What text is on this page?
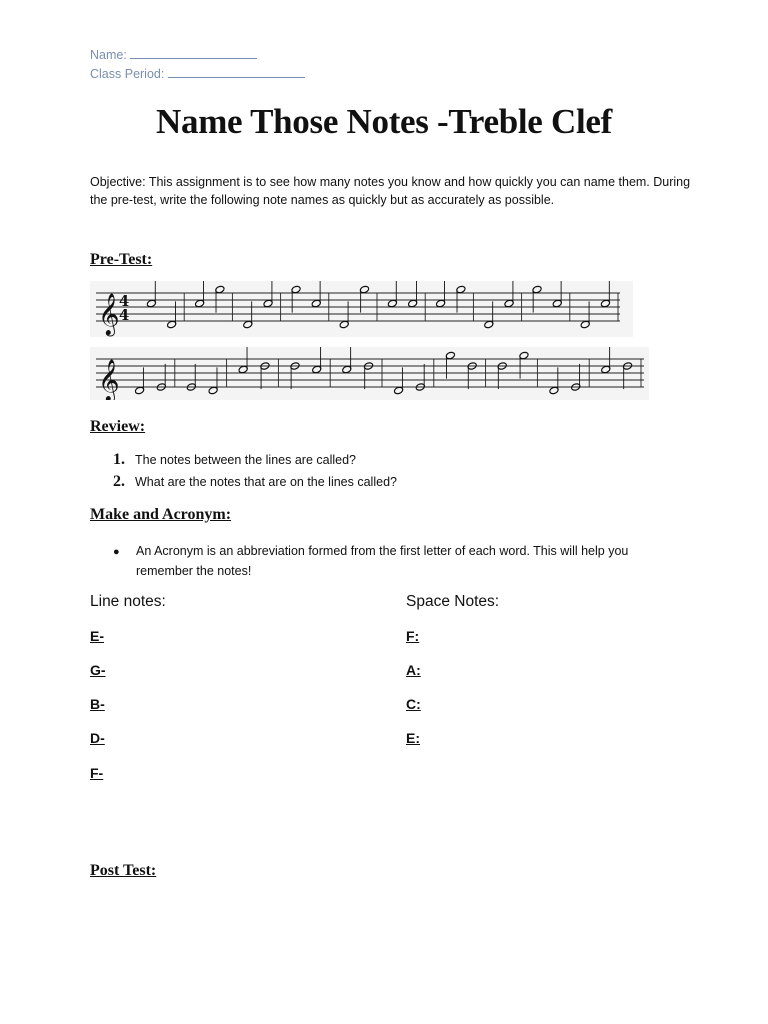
Name:
Class Period:
Name Those Notes -Treble Clef
Objective: This assignment is to see how many notes you know and how quickly you can name them. During the pre-test, write the following note names as quickly but as accurately as possible.
Pre-Test:
𝄞 4
4
𝄞
Review:
1. The notes between the lines are called?
2. What are the notes that are on the lines called?
Make and Acronym:
●	An Acronym is an abbreviation formed from the first letter of each word. This will help you remember the notes!
Line notes:
E-
G-
B-
D-
F-
Space Notes:
F:
A:
C:
E:
Post Test:
